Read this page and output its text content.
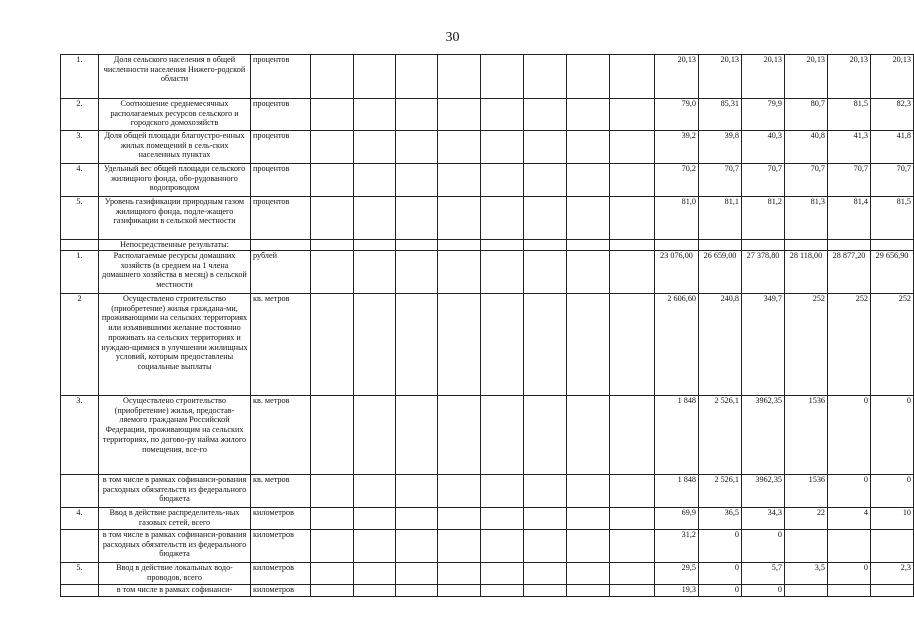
30
1.	Доля сельского населения в общей численности населения Нижего-родской области	процентов									20,13	20,13	20,13	20,13	20,13	20,13
2.	Соотношение среднемесячных располагаемых ресурсов сельского и городского домохозяйств	процентов									79,0	85,31	79,9	80,7	81,5	82,3
3.	Доля общей площади благоустро-енных жилых помещений в сель-ских населенных пунктах	процентов									39,2	39,8	40,3	40,8	41,3	41,8
4.	Удельный вес общей площади сельского жилищного фонда, обо-рудованного водопроводом	процентов									70,2	70,7	70,7	70,7	70,7	70,7
5.	Уровень газификации природным газом жилищного фонда, подле-жащего газификации в сельской местности	процентов									81,0	81,1	81,2	81,3	81,4	81,5
	Непосредственные результаты:															
1.	Располагаемые ресурсы домашних хозяйств (в среднем на 1 члена домашнего хозяйства в месяц) в сельской местности	рублей									23 076,00	26 659,00	27 378,80	28 118,00	28 877,20	29 656,90
2	Осуществлено строительство (приобретение) жилья граждана-ми, проживающими на сельских территориях или изъявившими желание постоянно проживать на сельских территориях и нуждаю-щимися в улучшении жилищных условий, которым предоставлены социальные выплаты	кв. метров									2 606,60	240,8	349,7	252	252	252
3.	Осуществлено строительство (приобретение) жилья, предостав-ляемого гражданам Российской Федерации, проживающим на сельских территориях, по догово-ру найма жилого помещения, все-го	кв. метров									1 848	2 526,1	3962,35	1536	0	0
	в том числе в рамках софинанси-рования расходных обязательств из федерального бюджета	кв. метров									1 848	2 526,1	3962,35	1536	0	0
4.	Ввод в действие распределитель-ных газовых сетей, всего	километров									69,9	36,5	34,3	22	4	10
	в том числе в рамках софинанси-рования расходных обязательств из федерального бюджета	километров									31,2	0	0			
5.	Ввод в действие локальных водо-проводов, всего	километров									29,5	0	5,7	3,5	0	2,3
	в том числе в рамках софинанси-	километров									19,3	0	0			
